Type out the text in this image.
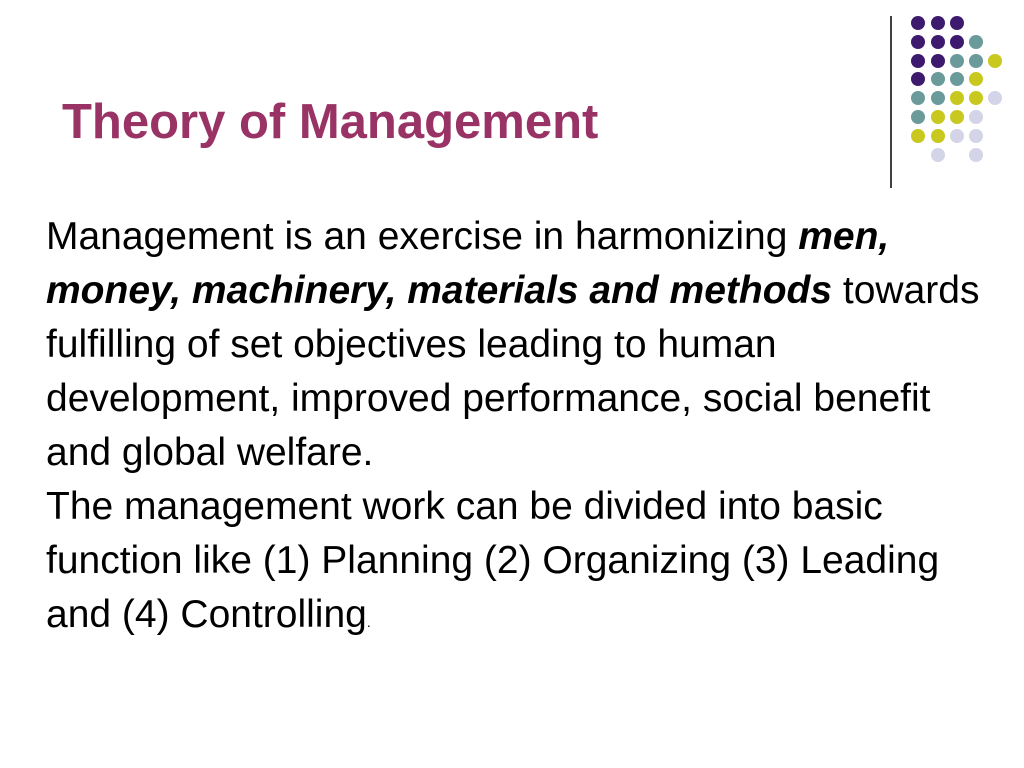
Theory of Management

Management is an exercise in harmonizing men, money, machinery, materials and methods towards fulfilling of set objectives leading to human development, improved performance, social benefit and global welfare.

The management work can be divided into basic function like (1) Planning (2) Organizing (3) Leading and (4) Controlling.
